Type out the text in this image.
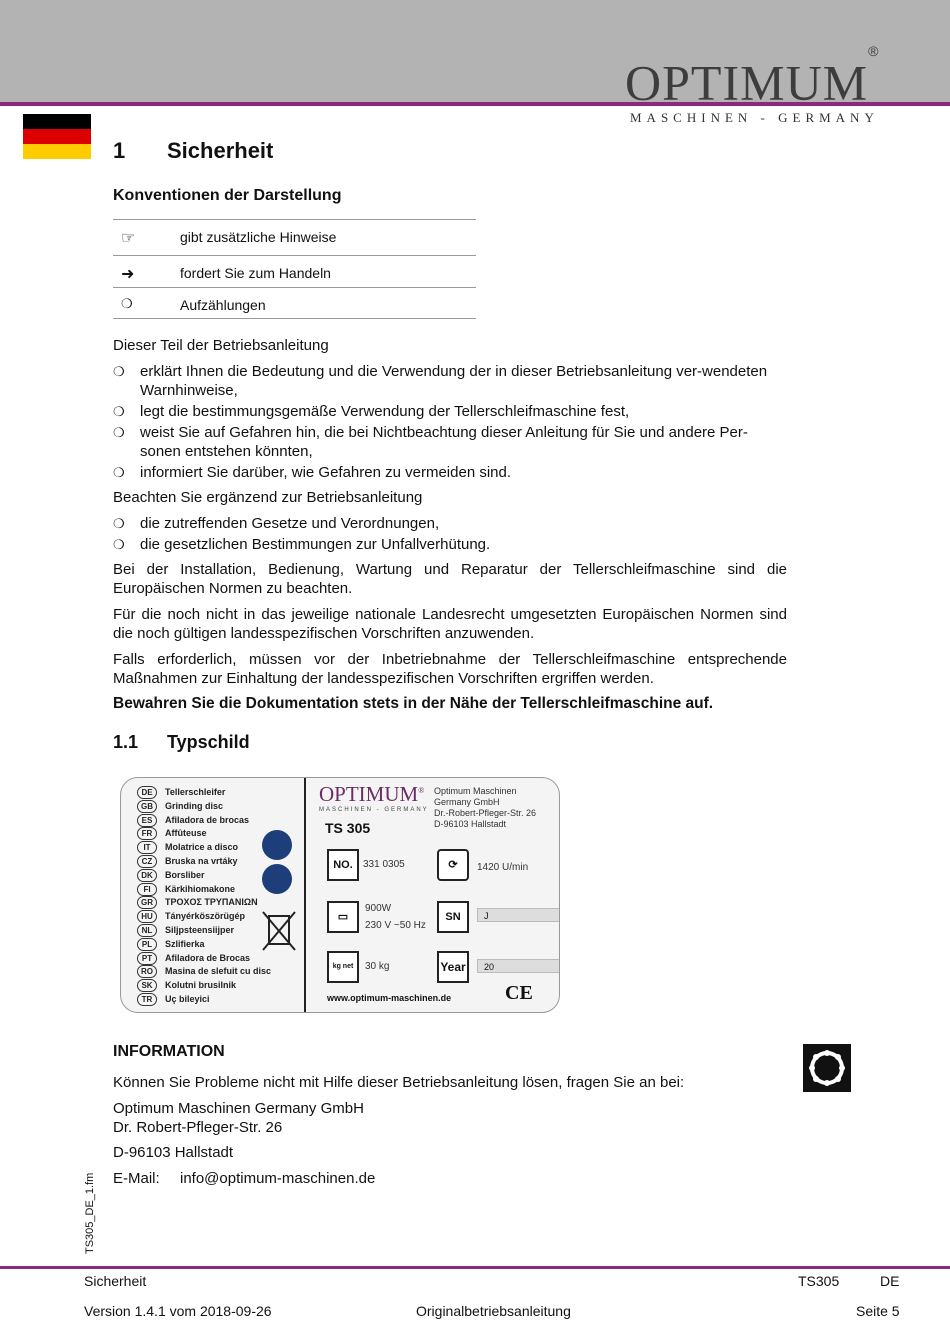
OPTIMUM®
MASCHINEN - GERMANY
1 Sicherheit
Konventionen der Darstellung
☞	gibt zusätzliche Hinweise
➜	fordert Sie zum Handeln
❍	Aufzählungen
Dieser Teil der Betriebsanleitung
❍ erklärt Ihnen die Bedeutung und die Verwendung der in dieser Betriebsanleitung ver-wendeten Warnhinweise,
❍ legt die bestimmungsgemäße Verwendung der Tellerschleifmaschine fest,
❍ weist Sie auf Gefahren hin, die bei Nichtbeachtung dieser Anleitung für Sie und andere Per-sonen entstehen könnten,
❍ informiert Sie darüber, wie Gefahren zu vermeiden sind.
Beachten Sie ergänzend zur Betriebsanleitung
❍ die zutreffenden Gesetze und Verordnungen,
❍ die gesetzlichen Bestimmungen zur Unfallverhütung.
Bei der Installation, Bedienung, Wartung und Reparatur der Tellerschleifmaschine sind die Europäischen Normen zu beachten.
Für die noch nicht in das jeweilige nationale Landesrecht umgesetzten Europäischen Normen sind die noch gültigen landesspezifischen Vorschriften anzuwenden.
Falls erforderlich, müssen vor der Inbetriebnahme der Tellerschleifmaschine entsprechende Maßnahmen zur Einhaltung der landesspezifischen Vorschriften ergriffen werden.
Bewahren Sie die Dokumentation stets in der Nähe der Tellerschleifmaschine auf.
1.1 Typschild
DE Tellerschleifer
GB Grinding disc
ES Afiladora de brocas
FR Affûteuse
IT Molatrice a disco
CZ Bruska na vrtáky
DK Borsliber
FI Kärkihiomakone
GR ΤΡΟΧΟΣ ΤΡΥΠΑΝΙΩΝ
HU Tányérköszörügép
NL Siljpsteensiijper
PL Szlifierka
PT Afiladora de Brocas
RO Masina de slefuit cu disc
SK Kolutni brusilnik
TR Uç bileyici
OPTIMUM®
MASCHINEN - GERMANY
TS 305
Optimum Maschinen
Germany GmbH
Dr.-Robert-Pfleger-Str. 26
D-96103 Hallstadt
NO.	331 0305	⟳	1420 U/min
▭
900W
230 V ~50 Hz
SN	J
kg net	30 kg	Year	20
www.optimum-maschinen.de	CE
INFORMATION
Können Sie Probleme nicht mit Hilfe dieser Betriebsanleitung lösen, fragen Sie an bei:
Optimum Maschinen Germany GmbH
Dr. Robert-Pfleger-Str. 26
D-96103 Hallstadt
E-Mail: info@optimum-maschinen.de
TS305_DE_1.fm
Sicherheit	TS305	DE
Version 1.4.1 vom 2018-09-26	Originalbetriebsanleitung	Seite 5
